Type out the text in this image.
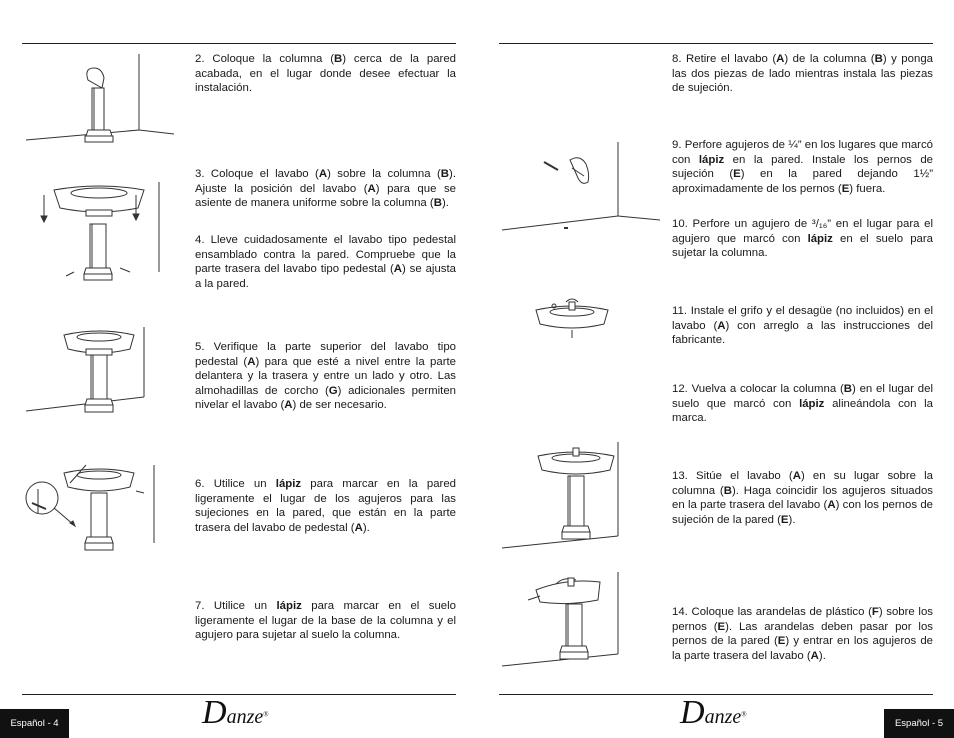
2. Coloque la columna (B) cerca de la pared acabada, en el lugar donde desee efectuar la instalación.
3. Coloque el lavabo (A) sobre la columna (B). Ajuste la posición del lavabo (A) para que se asiente de manera uniforme sobre la columna (B).
4. Lleve cuidadosamente el lavabo tipo pedestal ensamblado contra la pared. Compruebe que la parte trasera del lavabo tipo pedestal (A) se ajusta a la pared.
5. Verifique la parte superior del lavabo tipo pedestal (A) para que esté a nivel entre la parte delantera y la trasera y entre un lado y otro. Las almohadillas de corcho (G) adicionales permiten nivelar el lavabo (A) de ser necesario.
6. Utilice un lápiz para marcar en la pared ligeramente el lugar de los agujeros para las sujeciones en la pared, que están en la parte trasera del lavabo de pedestal (A).
7. Utilice un lápiz para marcar en el suelo ligeramente el lugar de la base de la columna y el agujero para sujetar al suelo la columna.
8. Retire el lavabo (A) de la columna (B) y ponga las dos piezas de lado mientras instala las piezas de sujeción.
9. Perfore agujeros de ¼” en los lugares que marcó con lápiz en la pared. Instale los pernos de sujeción (E) en la pared dejando 1½” aproximadamente de los pernos (E) fuera.
10. Perfore un agujero de ³/₁₆” en el lugar para el agujero que marcó con lápiz en el suelo para sujetar la columna.
11. Instale el grifo y el desagüe (no incluidos) en el lavabo (A) con arreglo a las instrucciones del fabricante.
12. Vuelva a colocar la columna (B) en el lugar del suelo que marcó con lápiz alineándola con la marca.
13. Sitúe el lavabo (A) en su lugar sobre la columna (B). Haga coincidir los agujeros situados en la parte trasera del lavabo (A) con los pernos de sujeción de la pared (E).
14. Coloque las arandelas de plástico (F) sobre los pernos (E). Las arandelas deben pasar por los pernos de la pared (E) y entrar en los agujeros de la parte trasera del lavabo (A).
Español - 4	Español - 5
Danze®	Danze®
